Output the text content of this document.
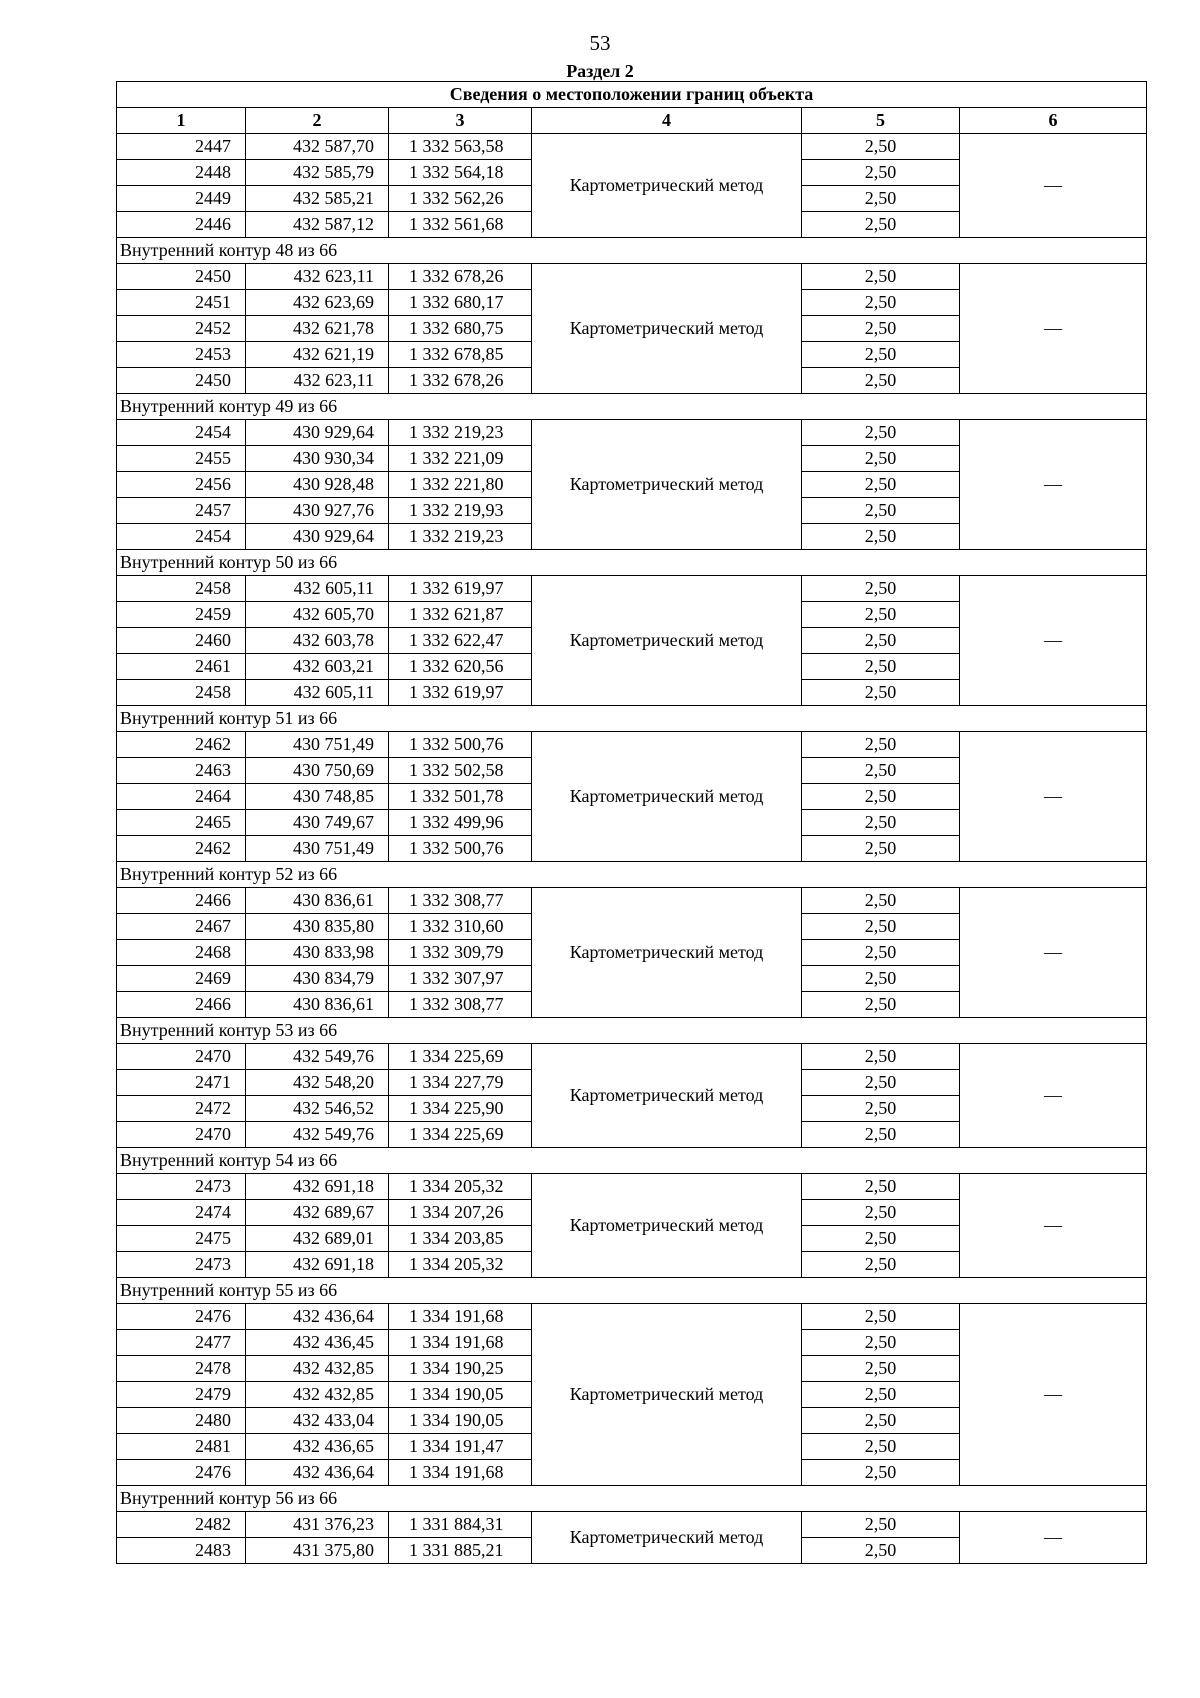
53
Раздел 2
Сведения о местоположении границ объекта					
1	2	3	4	5	6
2447	432 587,70	1 332 563,58	Картометрический метод	2,50	—
2448	432 585,79	1 332 564,18		2,50	
2449	432 585,21	1 332 562,26		2,50	
2446	432 587,12	1 332 561,68		2,50	
Внутренний контур 48 из 66					
2450	432 623,11	1 332 678,26	Картометрический метод	2,50	—
2451	432 623,69	1 332 680,17		2,50	
2452	432 621,78	1 332 680,75		2,50	
2453	432 621,19	1 332 678,85		2,50	
2450	432 623,11	1 332 678,26		2,50	
Внутренний контур 49 из 66					
2454	430 929,64	1 332 219,23	Картометрический метод	2,50	—
2455	430 930,34	1 332 221,09		2,50	
2456	430 928,48	1 332 221,80		2,50	
2457	430 927,76	1 332 219,93		2,50	
2454	430 929,64	1 332 219,23		2,50	
Внутренний контур 50 из 66					
2458	432 605,11	1 332 619,97	Картометрический метод	2,50	—
2459	432 605,70	1 332 621,87		2,50	
2460	432 603,78	1 332 622,47		2,50	
2461	432 603,21	1 332 620,56		2,50	
2458	432 605,11	1 332 619,97		2,50	
Внутренний контур 51 из 66					
2462	430 751,49	1 332 500,76	Картометрический метод	2,50	—
2463	430 750,69	1 332 502,58		2,50	
2464	430 748,85	1 332 501,78		2,50	
2465	430 749,67	1 332 499,96		2,50	
2462	430 751,49	1 332 500,76		2,50	
Внутренний контур 52 из 66					
2466	430 836,61	1 332 308,77	Картометрический метод	2,50	—
2467	430 835,80	1 332 310,60		2,50	
2468	430 833,98	1 332 309,79		2,50	
2469	430 834,79	1 332 307,97		2,50	
2466	430 836,61	1 332 308,77		2,50	
Внутренний контур 53 из 66					
2470	432 549,76	1 334 225,69	Картометрический метод	2,50	—
2471	432 548,20	1 334 227,79		2,50	
2472	432 546,52	1 334 225,90		2,50	
2470	432 549,76	1 334 225,69		2,50	
Внутренний контур 54 из 66					
2473	432 691,18	1 334 205,32	Картометрический метод	2,50	—
2474	432 689,67	1 334 207,26		2,50	
2475	432 689,01	1 334 203,85		2,50	
2473	432 691,18	1 334 205,32		2,50	
Внутренний контур 55 из 66					
2476	432 436,64	1 334 191,68	Картометрический метод	2,50	—
2477	432 436,45	1 334 191,68		2,50	
2478	432 432,85	1 334 190,25		2,50	
2479	432 432,85	1 334 190,05		2,50	
2480	432 433,04	1 334 190,05		2,50	
2481	432 436,65	1 334 191,47		2,50	
2476	432 436,64	1 334 191,68		2,50	
Внутренний контур 56 из 66					
2482	431 376,23	1 331 884,31	Картометрический метод	2,50	—
2483	431 375,80	1 331 885,21		2,50	
